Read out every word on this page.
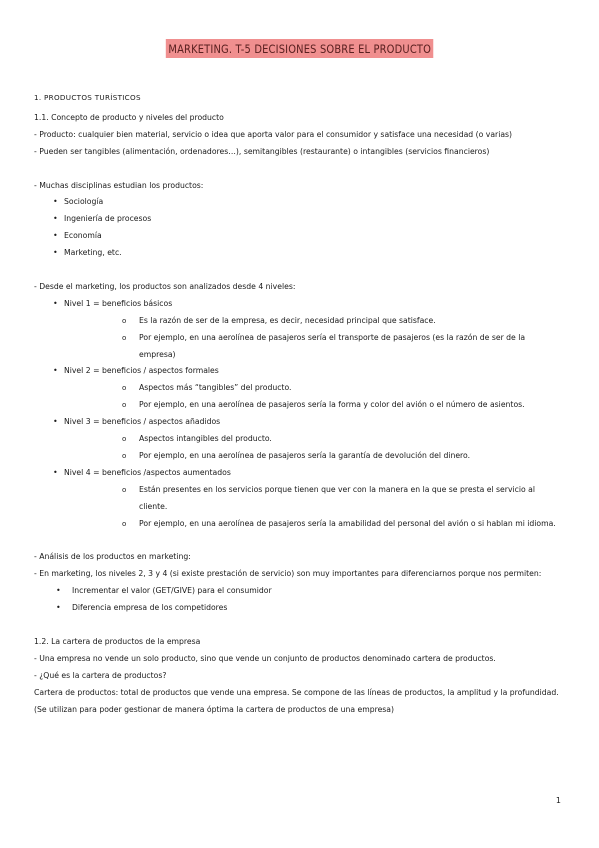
MARKETING. T-5 DECISIONES SOBRE EL PRODUCTO

1. PRODUCTOS TURÍSTICOS

1.1. Concepto de producto y niveles del producto

- Producto: cualquier bien material, servicio o idea que aporta valor para el consumidor y satisface una necesidad (o varias)

- Pueden ser tangibles (alimentación, ordenadores…), semitangibles (restaurante) o intangibles (servicios financieros)

- Muchas disciplinas estudian los productos:

• Sociología
• Ingeniería de procesos
• Economía
• Marketing, etc.

- Desde el marketing, los productos son analizados desde 4 niveles:

• Nivel 1 = beneficios básicos
o Es la razón de ser de la empresa, es decir, necesidad principal que satisface.
o Por ejemplo, en una aerolínea de pasajeros sería el transporte de pasajeros (es la razón de ser de la empresa)
• Nivel 2 = beneficios / aspectos formales
o Aspectos más “tangibles” del producto.
o Por ejemplo, en una aerolínea de pasajeros sería la forma y color del avión o el número de asientos.
• Nivel 3 = beneficios / aspectos añadidos
o Aspectos intangibles del producto.
o Por ejemplo, en una aerolínea de pasajeros sería la garantía de devolución del dinero.
• Nivel 4 = beneficios /aspectos aumentados
o Están presentes en los servicios porque tienen que ver con la manera en la que se presta el servicio al cliente.
o Por ejemplo, en una aerolínea de pasajeros sería la amabilidad del personal del avión o si hablan mi idioma.

- Análisis de los productos en marketing:

- En marketing, los niveles 2, 3 y 4 (si existe prestación de servicio) son muy importantes para diferenciarnos porque nos permiten:

• Incrementar el valor (GET/GIVE) para el consumidor
• Diferencia empresa de los competidores

1.2. La cartera de productos de la empresa

- Una empresa no vende un solo producto, sino que vende un conjunto de productos denominado cartera de productos.

- ¿Qué es la cartera de productos?

Cartera de productos: total de productos que vende una empresa. Se compone de las líneas de productos, la amplitud y la profundidad. (Se utilizan para poder gestionar de manera óptima la cartera de productos de una empresa)

1
